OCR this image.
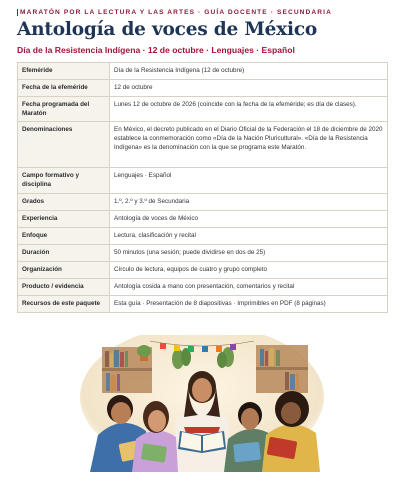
MARATÓN POR LA LECTURA Y LAS ARTES · GUÍA DOCENTE · SECUNDARIA
Antología de voces de México
Día de la Resistencia Indígena · 12 de octubre · Lenguajes · Español
Efeméride	Día de la Resistencia Indígena (12 de octubre)
Fecha de la efeméride	12 de octubre
Fecha programada del Maratón	Lunes 12 de octubre de 2026 (coincide con la fecha de la efeméride; es día de clases).
Denominaciones	En México, el decreto publicado en el Diario Oficial de la Federación el 18 de diciembre de 2020 establece la conmemoración como «Día de la Nación Pluricultural». «Día de la Resistencia Indígena» es la denominación con la que se programa este Maratón.
Campo formativo y disciplina	Lenguajes · Español
Grados	1.º, 2.º y 3.º de Secundaria
Experiencia	Antología de voces de México
Enfoque	Lectura, clasificación y recital
Duración	50 minutos (una sesión; puede dividirse en dos de 25)
Organización	Círculo de lectura, equipos de cuatro y grupo completo
Producto / evidencia	Antología cosida a mano con presentación, comentarios y recital
Recursos de este paquete	Esta guía · Presentación de 8 diapositivas · Imprimibles en PDF (8 páginas)
